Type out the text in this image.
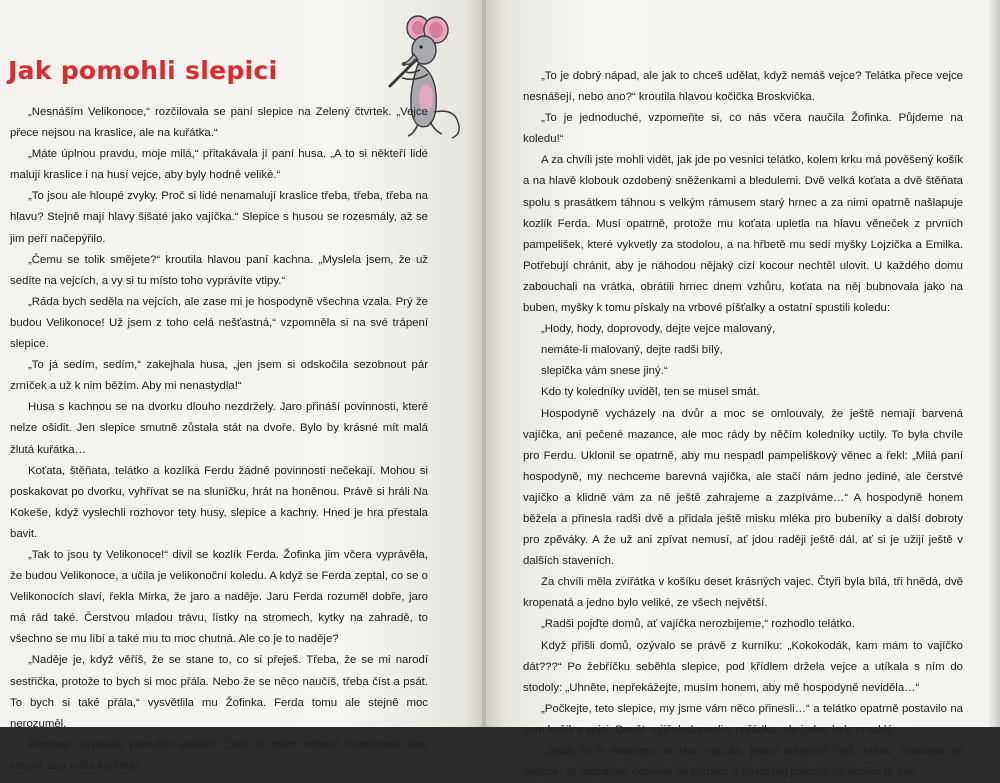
Jak pomohli slepici

„Nesnáším Velikonoce,“ rozčilovala se paní slepice na Zelený čtvrtek. „Vejce přece nejsou na kraslice, ale na kuřátka.“

„Máte úplnou pravdu, moje milá,“ přitakávala jí paní husa. „A to si někteří lidé malují kraslice i na husí vejce, aby byly hodně veliké.“

„To jsou ale hloupé zvyky. Proč si lidé nenamalují kraslice třeba, třeba, třeba na hlavu? Stejně mají hlavy šišaté jako vajíčka.“ Slepice s husou se rozesmály, až se jim peří načepýřilo.

„Čemu se tolik smějete?“ kroutila hlavou paní kachna. „Myslela jsem, že už sedíte na vejcích, a vy si tu místo toho vyprávíte vtipy.“

„Ráda bych seděla na vejcích, ale zase mi je hospodyně všechna vzala. Prý že budou Velikonoce! Už jsem z toho celá nešťastná,“ vzpomněla si na své trápení slepice.

„To já sedím, sedím,“ zakejhala husa, „jen jsem si odskočila sezobnout pár zrníček a už k nim běžím. Aby mi nenastydla!“

Husa s kachnou se na dvorku dlouho nezdržely. Jaro přináší povinnosti, které nelze ošidit. Jen slepice smutně zůstala stát na dvoře. Bylo by krásné mít malá žlutá kuřátka…

Koťata, štěňata, telátko a kozlíka Ferdu žádné povinnosti nečekají. Mohou si poskakovat po dvorku, vyhřívat se na sluníčku, hrát na honěnou. Právě si hráli Na Kokeše, když vyslechli rozhovor tety husy, slepice a kachny. Hned je hra přestala bavit.

„Tak to jsou ty Velikonoce!“ divil se kozlík Ferda. Žofinka jim včera vyprávěla, že budou Velikonoce, a učila je velikonoční koledu. A když se Ferda zeptal, co se o Velikonocích slaví, řekla Mirka, že jaro a naděje. Jaru Ferda rozuměl dobře, jaro má rád také. Čerstvou mladou trávu, lístky na stromech, kytky na zahradě, to všechno se mu líbí a také mu to moc chutná. Ale co je to naděje?

„Naděje je, když věříš, že se stane to, co si přeješ. Třeba, že se mi narodí sestřička, protože to bych si moc přála. Nebo že se něco naučíš, třeba číst a psát. To bych si také přála,“ vysvětlila mu Žofinka. Ferda tomu ale stejně moc nerozuměl.

Ferdovo rozjímání přerušilo telátko: „Děti, já mám nápad! Pomůžeme tete slepici, aby měla kuřátka!“

„To je dobrý nápad, ale jak to chceš udělat, když nemáš vejce? Telátka přece vejce nesnášejí, nebo ano?“ kroutila hlavou kočička Broskvička.

„To je jednoduché, vzpomeňte si, co nás včera naučila Žofinka. Půjdeme na koledu!“

A za chvíli jste mohli vidět, jak jde po vesnici telátko, kolem krku má pověšený košík a na hlavě klobouk ozdobený sněženkami a bledulemi. Dvě velká koťata a dvě štěňata spolu s prasátkem táhnou s velkým rámusem starý hrnec a za nimi opatrně našlapuje kozlík Ferda. Musí opatrně, protože mu koťata upletla na hlavu věneček z prvních pampelišek, které vykvetly za stodolou, a na hřbetě mu sedí myšky Lojzička a Emilka. Potřebují chránit, aby je náhodou nějaký cizí kocour nechtěl ulovit. U každého domu zabouchali na vrátka, obrátili hrnec dnem vzhůru, koťata na něj bubnovala jako na buben, myšky k tomu pískaly na vrbové píšťalky a ostatní spustili koledu:

„Hody, hody, doprovody, dejte vejce malovaný,

nemáte-li malovaný, dejte radši bílý,

slepička vám snese jiný.“

Kdo ty koledníky uviděl, ten se musel smát.

Hospodyně vycházely na dvůr a moc se omlouvaly, že ještě nemají barvená vajíčka, ani pečené mazance, ale moc rády by něčím koledníky uctily. To byla chvíle pro Ferdu. Uklonil se opatrně, aby mu nespadl pampeliškový věnec a řekl: „Milá paní hospodyně, my nechceme barevná vajíčka, ale stačí nám jedno jediné, ale čerstvé vajíčko a klidně vám za ně ještě zahrajeme a zazpíváme…“ A hospodyně honem běžela a přinesla radši dvě a přidala ještě misku mléka pro bubeníky a další dobroty pro zpěváky. A že už ani zpívat nemusí, ať jdou raději ještě dál, ať si je užijí ještě v dalších staveních.

Za chvíli měla zvířátka v košíku deset krásných vajec. Čtyři byla bílá, tři hnědá, dvě kropenatá a jedno bylo veliké, ze všech největší.

„Radši pojďte domů, ať vajíčka nerozbijeme,“ rozhodlo telátko.

Když přišli domů, ozývalo se právě z kurníku: „Kokokodák, kam mám to vajíčko dát???“ Po žebříčku seběhla slepice, pod křídlem držela vejce a utíkala s ním do stodoly: „Uhněte, nepřekážejte, musím honem, aby mě hospodyně neviděla…“

„Počkejte, teto slepice, my jsme vám něco přinesli…“ a telátko opatrně postavilo na zem košík s vejci. Devět vajíček donesli v pořádku, ale jedno bylo prasklé.

„Jejda, to je nadělení, to jsou vajíčka, jedno krásnější než druhé,“ radovala se slepice. To napraskłé odnesla do kurníku a místo něj položila do košíku to své,
